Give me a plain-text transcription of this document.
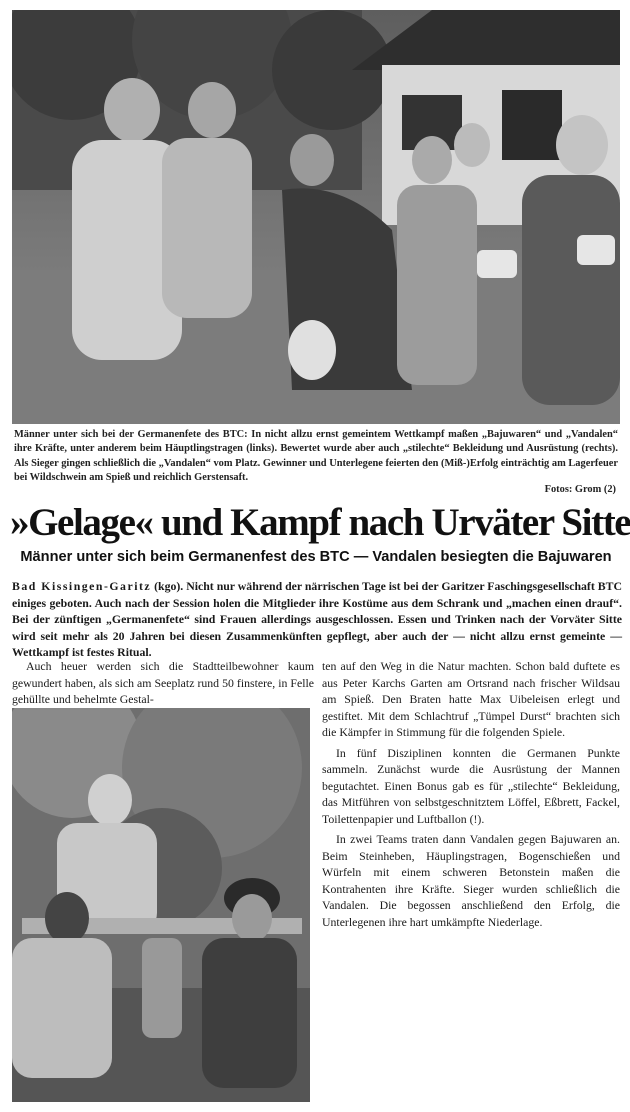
Männer unter sich bei der Germanenfete des BTC: In nicht allzu ernst gemeintem Wettkampf maßen „Bajuwaren“ und „Vandalen“ ihre Kräfte, unter anderem beim Häuptlingstragen (links). Bewertet wurde aber auch „stilechte“ Bekleidung und Ausrüstung (rechts). Als Sieger gingen schließlich die „Vandalen“ vom Platz. Gewinner und Unterlegene feierten den (Miß-)Erfolg einträchtig am Lagerfeuer bei Wildschwein am Spieß und reichlich Gerstensaft.
Fotos: Grom (2)
»Gelage« und Kampf nach Urväter Sitte
Männer unter sich beim Germanenfest des BTC — Vandalen besiegten die Bajuwaren
Bad Kissingen-Garitz (kgo). Nicht nur während der närrischen Tage ist bei der Garitzer Faschingsgesellschaft BTC einiges geboten. Auch nach der Session holen die Mitglieder ihre Kostüme aus dem Schrank und „machen einen drauf“. Bei der zünftigen „Germanenfete“ sind Frauen allerdings ausgeschlossen. Essen und Trinken nach der Vorväter Sitte wird seit mehr als 20 Jahren bei diesen Zusammenkünften gepflegt, aber auch der — nicht allzu ernst gemeinte — Wettkampf ist festes Ritual.

Auch heuer werden sich die Stadtteilbewohner kaum gewundert haben, als sich am Seeplatz rund 50 finstere, in Felle gehüllte und behelmte Gestal-

ten auf den Weg in die Natur machten. Schon bald duftete es aus Peter Karchs Garten am Ortsrand nach frischer Wildsau am Spieß. Den Braten hatte Max Uibeleisen erlegt und gestiftet. Mit dem Schlachtruf „Tümpel Durst“ brachten sich die Kämpfer in Stimmung für die folgenden Spiele.

In fünf Disziplinen konnten die Germanen Punkte sammeln. Zunächst wurde die Ausrüstung der Mannen begutachtet. Einen Bonus gab es für „stilechte“ Bekleidung, das Mitführen von selbstgeschnitztem Löffel, Eßbrett, Fackel, Toilettenpapier und Luftballon (!).

In zwei Teams traten dann Vandalen gegen Bajuwaren an. Beim Steinheben, Häuplingstragen, Bogenschießen und Würfeln mit einem schweren Betonstein maßen die Kontrahenten ihre Kräfte. Sieger wurden schließlich die Vandalen. Die begossen anschließend den Erfolg, die Unterlegenen ihre hart umkämpfte Niederlage.
